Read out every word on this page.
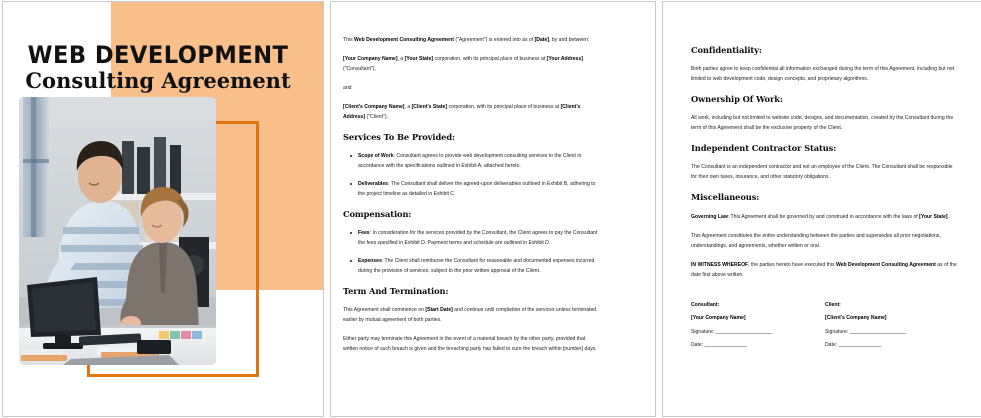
WEB DEVELOPMENT
Consulting Agreement

This Web Development Consulting Agreement ("Agreement") is entered into as of [Date], by and between:

[Your Company Name], a [Your State] corporation, with its principal place of business at [Your Address] ("Consultant"),

and

[Client's Company Name], a [Client's State] corporation, with its principal place of business at [Client's Address] ("Client").

Services To Be Provided:
Scope of Work: Consultant agrees to provide web development consulting services to the Client in accordance with the specifications outlined in Exhibit A, attached hereto.
Deliverables: The Consultant shall deliver the agreed-upon deliverables outlined in Exhibit B, adhering to the project timeline as detailed in Exhibit C.
Compensation:
Fees: In consideration for the services provided by the Consultant, the Client agrees to pay the Consultant the fees specified in Exhibit D. Payment terms and schedule are outlined in Exhibit D.
Expenses: The Client shall reimburse the Consultant for reasonable and documented expenses incurred during the provision of services, subject to the prior written approval of the Client.
Term And Termination:

This Agreement shall commence on [Start Date] and continue until completion of the services unless terminated earlier by mutual agreement of both parties.

Either party may terminate this Agreement in the event of a material breach by the other party, provided that written notice of such breach is given and the breaching party has failed to cure the breach within [number] days.

Confidentiality:

Both parties agree to keep confidential all information exchanged during the term of this Agreement, including but not limited to web development code, design concepts, and proprietary algorithms.

Ownership Of Work:

All work, including but not limited to website code, designs, and documentation, created by the Consultant during the term of this Agreement shall be the exclusive property of the Client.

Independent Contractor Status:

The Consultant is an independent contractor and not an employee of the Client. The Consultant shall be responsible for their own taxes, insurance, and other statutory obligations.

Miscellaneous:

Governing Law: This Agreement shall be governed by and construed in accordance with the laws of [Your State].

This Agreement constitutes the entire understanding between the parties and supersedes all prior negotiations, understandings, and agreements, whether written or oral.

IN WITNESS WHEREOF, the parties hereto have executed this Web Development Consulting Agreement as of the date first above written.

Consultant:
[Your Company Name]
Signature: ____________________
Date: _______________
Client:
[Client's Company Name]
Signature: ____________________
Date: _______________
